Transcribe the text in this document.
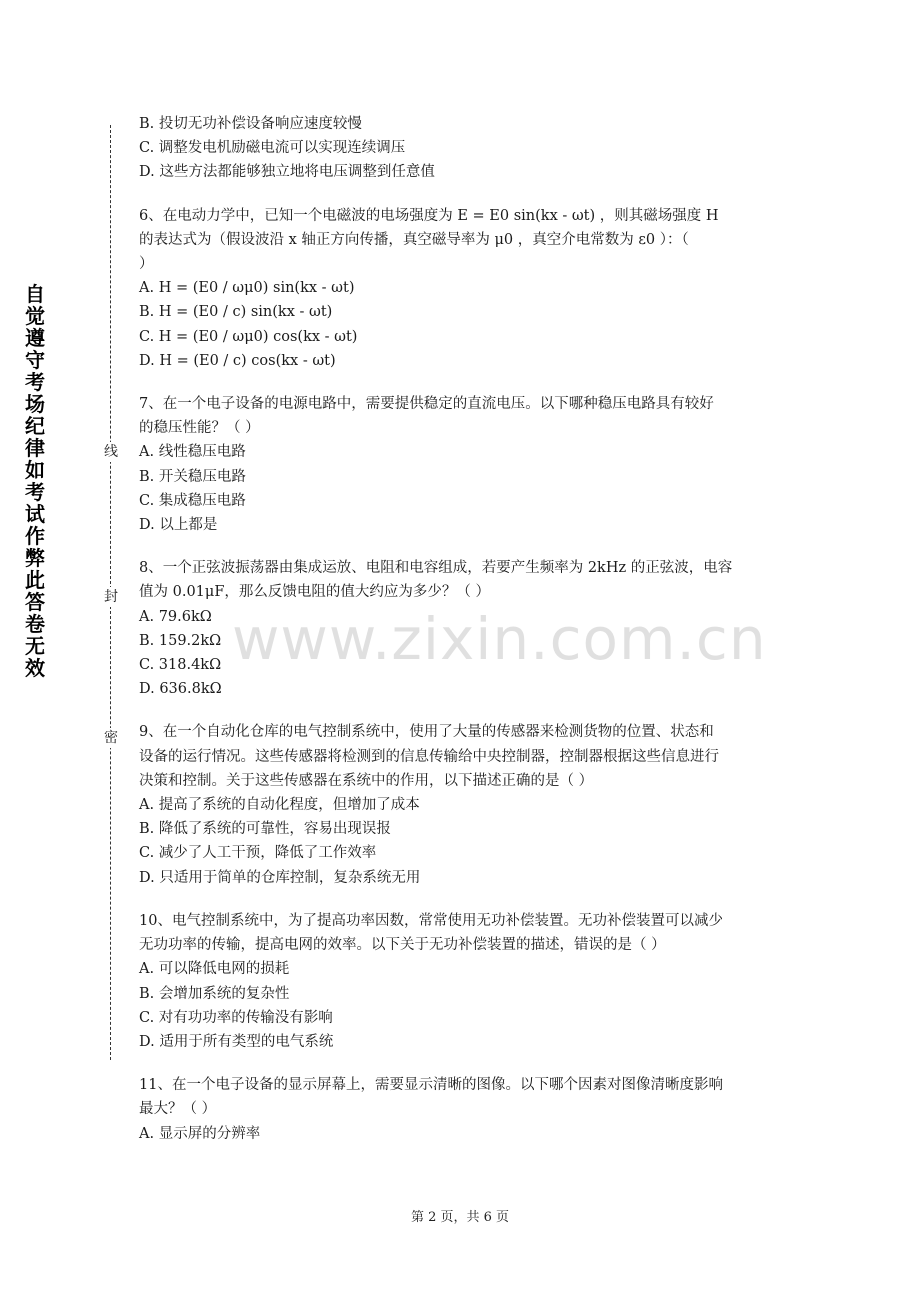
自觉遵守考场纪律如考试作弊此答卷无效
线
封
密
B. 投切无功补偿设备响应速度较慢
C. 调整发电机励磁电流可以实现连续调压
D. 这些方法都能够独立地将电压调整到任意值
6、在电动力学中，已知一个电磁波的电场强度为 E = E0 sin(kx - ωt) ，则其磁场强度 H
的表达式为（假设波沿 x 轴正方向传播，真空磁导率为 μ0 ，真空介电常数为 ε0 ）：（
）
A. H = (E0 / ωμ0) sin(kx - ωt)
B. H = (E0 / c) sin(kx - ωt)
C. H = (E0 / ωμ0) cos(kx - ωt)
D. H = (E0 / c) cos(kx - ωt)
7、在一个电子设备的电源电路中，需要提供稳定的直流电压。以下哪种稳压电路具有较好
的稳压性能？（ ）
A. 线性稳压电路
B. 开关稳压电路
C. 集成稳压电路
D. 以上都是
8、一个正弦波振荡器由集成运放、电阻和电容组成，若要产生频率为 2kHz 的正弦波，电容
值为 0.01μF，那么反馈电阻的值大约应为多少？（ ）
A. 79.6kΩ
B. 159.2kΩ
C. 318.4kΩ
D. 636.8kΩ
9、在一个自动化仓库的电气控制系统中，使用了大量的传感器来检测货物的位置、状态和
设备的运行情况。这些传感器将检测到的信息传输给中央控制器，控制器根据这些信息进行
决策和控制。关于这些传感器在系统中的作用，以下描述正确的是（ ）
A. 提高了系统的自动化程度，但增加了成本
B. 降低了系统的可靠性，容易出现误报
C. 减少了人工干预，降低了工作效率
D. 只适用于简单的仓库控制，复杂系统无用
10、电气控制系统中，为了提高功率因数，常常使用无功补偿装置。无功补偿装置可以减少
无功功率的传输，提高电网的效率。以下关于无功补偿装置的描述，错误的是（ ）
A. 可以降低电网的损耗
B. 会增加系统的复杂性
C. 对有功功率的传输没有影响
D. 适用于所有类型的电气系统
11、在一个电子设备的显示屏幕上，需要显示清晰的图像。以下哪个因素对图像清晰度影响
最大？（ ）
A. 显示屏的分辨率
www.zixin.com.cn
第 2 页，共 6 页
